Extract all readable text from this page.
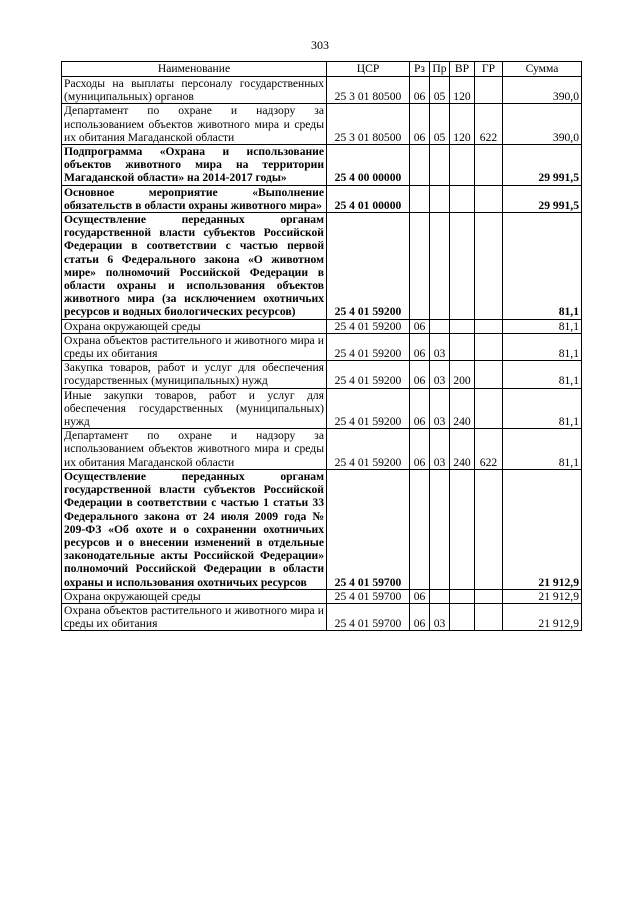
303
Наименование	ЦСР	Рз	Пр	ВР	ГР	Сумма
Расходы на выплаты персоналу государственных (муниципальных) органов	25 3 01 80500	06	05	120		390,0
Департамент по охране и надзору за использованием объектов животного мира и среды их обитания Магаданской области	25 3 01 80500	06	05	120	622	390,0
Подпрограмма «Охрана и использование объектов животного мира на территории Магаданской области» на 2014-2017 годы»	25 4 00 00000					29 991,5
Основное мероприятие «Выполнение обязательств в области охраны животного мира»	25 4 01 00000					29 991,5
Осуществление переданных органам государственной власти субъектов Российской Федерации в соответствии с частью первой статьи 6 Федерального закона «О животном мире» полномочий Российской Федерации в области охраны и использования объектов животного мира (за исключением охотничьих ресурсов и водных биологических ресурсов)	25 4 01 59200					81,1
Охрана окружающей среды	25 4 01 59200	06				81,1
Охрана объектов растительного и животного мира и среды их обитания	25 4 01 59200	06	03			81,1
Закупка товаров, работ и услуг для обеспечения государственных (муниципальных) нужд	25 4 01 59200	06	03	200		81,1
Иные закупки товаров, работ и услуг для обеспечения государственных (муниципальных) нужд	25 4 01 59200	06	03	240		81,1
Департамент по охране и надзору за использованием объектов животного мира и среды их обитания Магаданской области	25 4 01 59200	06	03	240	622	81,1
Осуществление переданных органам государственной власти субъектов Российской Федерации в соответствии с частью 1 статьи 33 Федерального закона от 24 июля 2009 года № 209-ФЗ «Об охоте и о сохранении охотничьих ресурсов и о внесении изменений в отдельные законодательные акты Российской Федерации» полномочий Российской Федерации в области охраны и использования охотничьих ресурсов	25 4 01 59700					21 912,9
Охрана окружающей среды	25 4 01 59700	06				21 912,9
Охрана объектов растительного и животного мира и среды их обитания	25 4 01 59700	06	03			21 912,9
